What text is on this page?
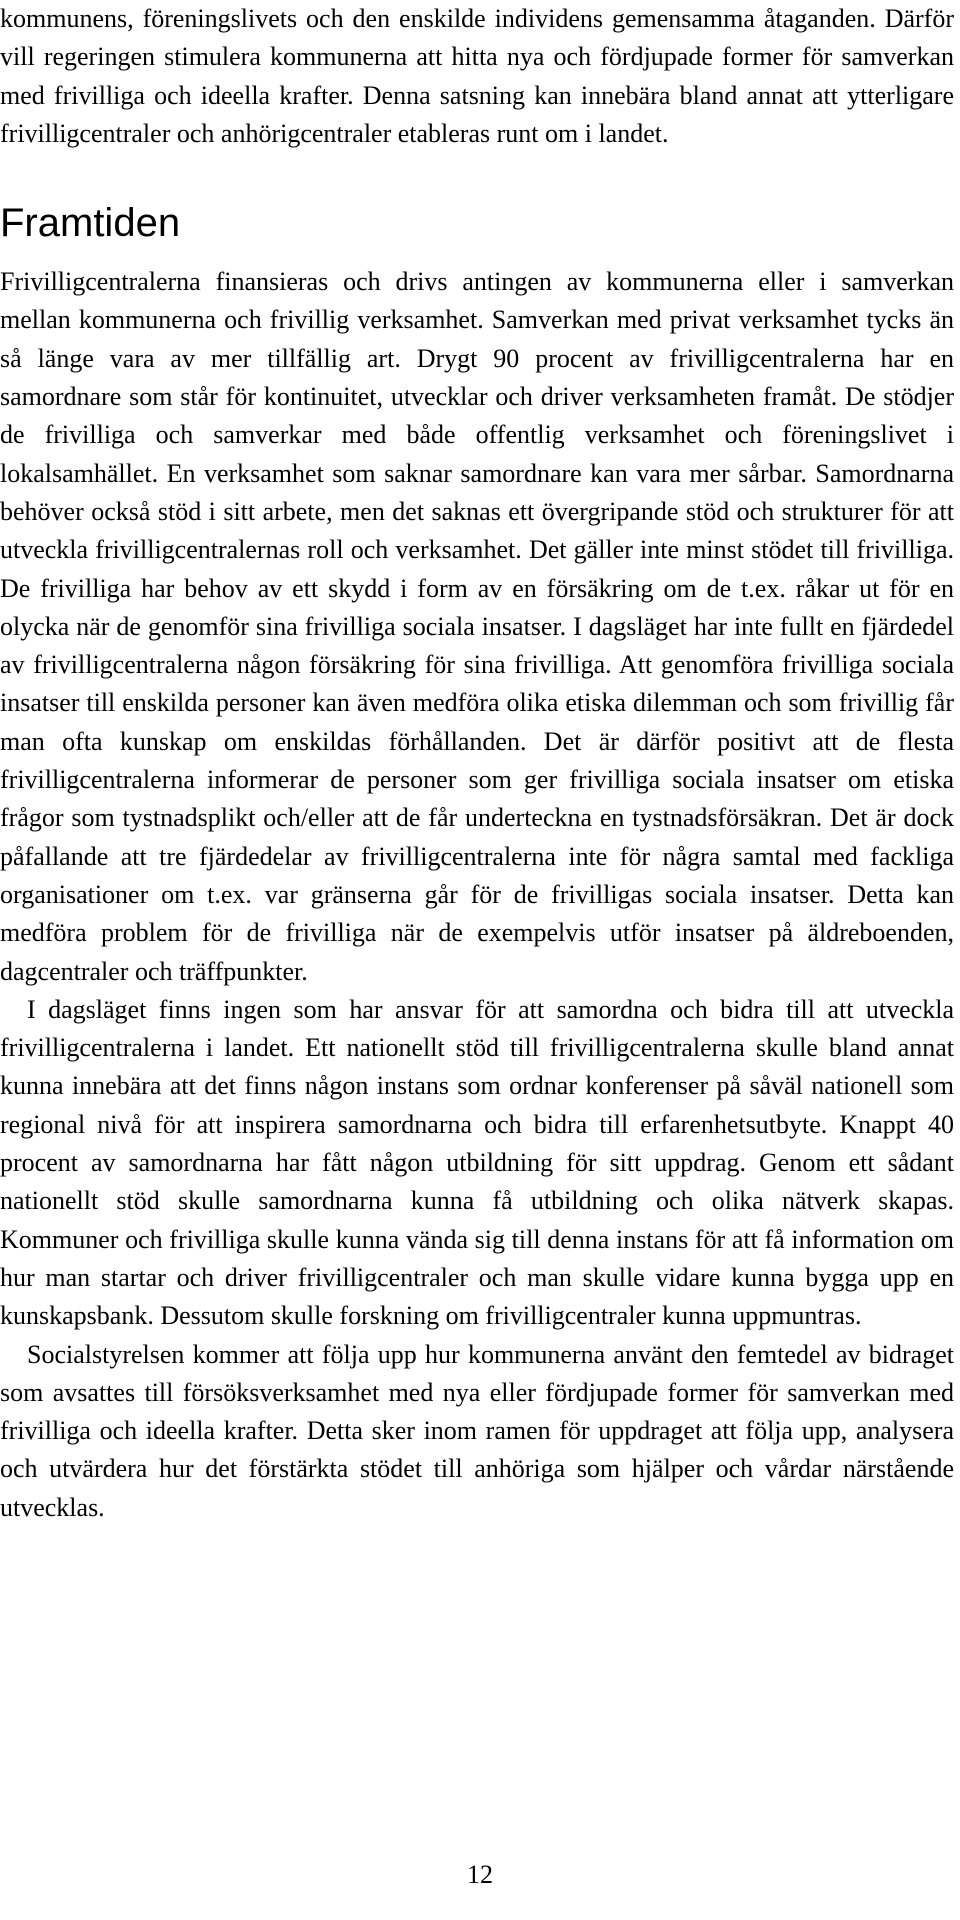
kommunens, föreningslivets och den enskilde individens gemensamma åtaganden. Därför vill regeringen stimulera kommunerna att hitta nya och fördjupade former för samverkan med frivilliga och ideella krafter. Denna satsning kan innebära bland annat att ytterligare frivilligcentraler och anhörigcentraler etableras runt om i landet.

Framtiden

Frivilligcentralerna finansieras och drivs antingen av kommunerna eller i samverkan mellan kommunerna och frivillig verksamhet. Samverkan med privat verksamhet tycks än så länge vara av mer tillfällig art. Drygt 90 procent av frivilligcentralerna har en samordnare som står för kontinuitet, utvecklar och driver verksamheten framåt. De stödjer de frivilliga och samverkar med både offentlig verksamhet och föreningslivet i lokalsamhället. En verksamhet som saknar samordnare kan vara mer sårbar. Samordnarna behöver också stöd i sitt arbete, men det saknas ett övergripande stöd och strukturer för att utveckla frivilligcentralernas roll och verksamhet. Det gäller inte minst stödet till frivilliga. De frivilliga har behov av ett skydd i form av en försäkring om de t.ex. råkar ut för en olycka när de genomför sina frivilliga sociala insatser. I dagsläget har inte fullt en fjärdedel av frivilligcentralerna någon försäkring för sina frivilliga. Att genomföra frivilliga sociala insatser till enskilda personer kan även medföra olika etiska dilemman och som frivillig får man ofta kunskap om enskildas förhållanden. Det är därför positivt att de flesta frivilligcentralerna informerar de personer som ger frivilliga sociala insatser om etiska frågor som tystnadsplikt och/eller att de får underteckna en tystnadsförsäkran. Det är dock påfallande att tre fjärdedelar av frivilligcentralerna inte för några samtal med fackliga organisationer om t.ex. var gränserna går för de frivilligas sociala insatser. Detta kan medföra problem för de frivilliga när de exempelvis utför insatser på äldreboenden, dagcentraler och träffpunkter.

I dagsläget finns ingen som har ansvar för att samordna och bidra till att utveckla frivilligcentralerna i landet. Ett nationellt stöd till frivilligcentralerna skulle bland annat kunna innebära att det finns någon instans som ordnar konferenser på såväl nationell som regional nivå för att inspirera samordnarna och bidra till erfarenhetsutbyte. Knappt 40 procent av samordnarna har fått någon utbildning för sitt uppdrag. Genom ett sådant nationellt stöd skulle samordnarna kunna få utbildning och olika nätverk skapas. Kommuner och frivilliga skulle kunna vända sig till denna instans för att få information om hur man startar och driver frivilligcentraler och man skulle vidare kunna bygga upp en kunskapsbank. Dessutom skulle forskning om frivilligcentraler kunna uppmuntras.

Socialstyrelsen kommer att följa upp hur kommunerna använt den femtedel av bidraget som avsattes till försöksverksamhet med nya eller fördjupade former för samverkan med frivilliga och ideella krafter. Detta sker inom ramen för uppdraget att följa upp, analysera och utvärdera hur det förstärkta stödet till anhöriga som hjälper och vårdar närstående utvecklas.

12
